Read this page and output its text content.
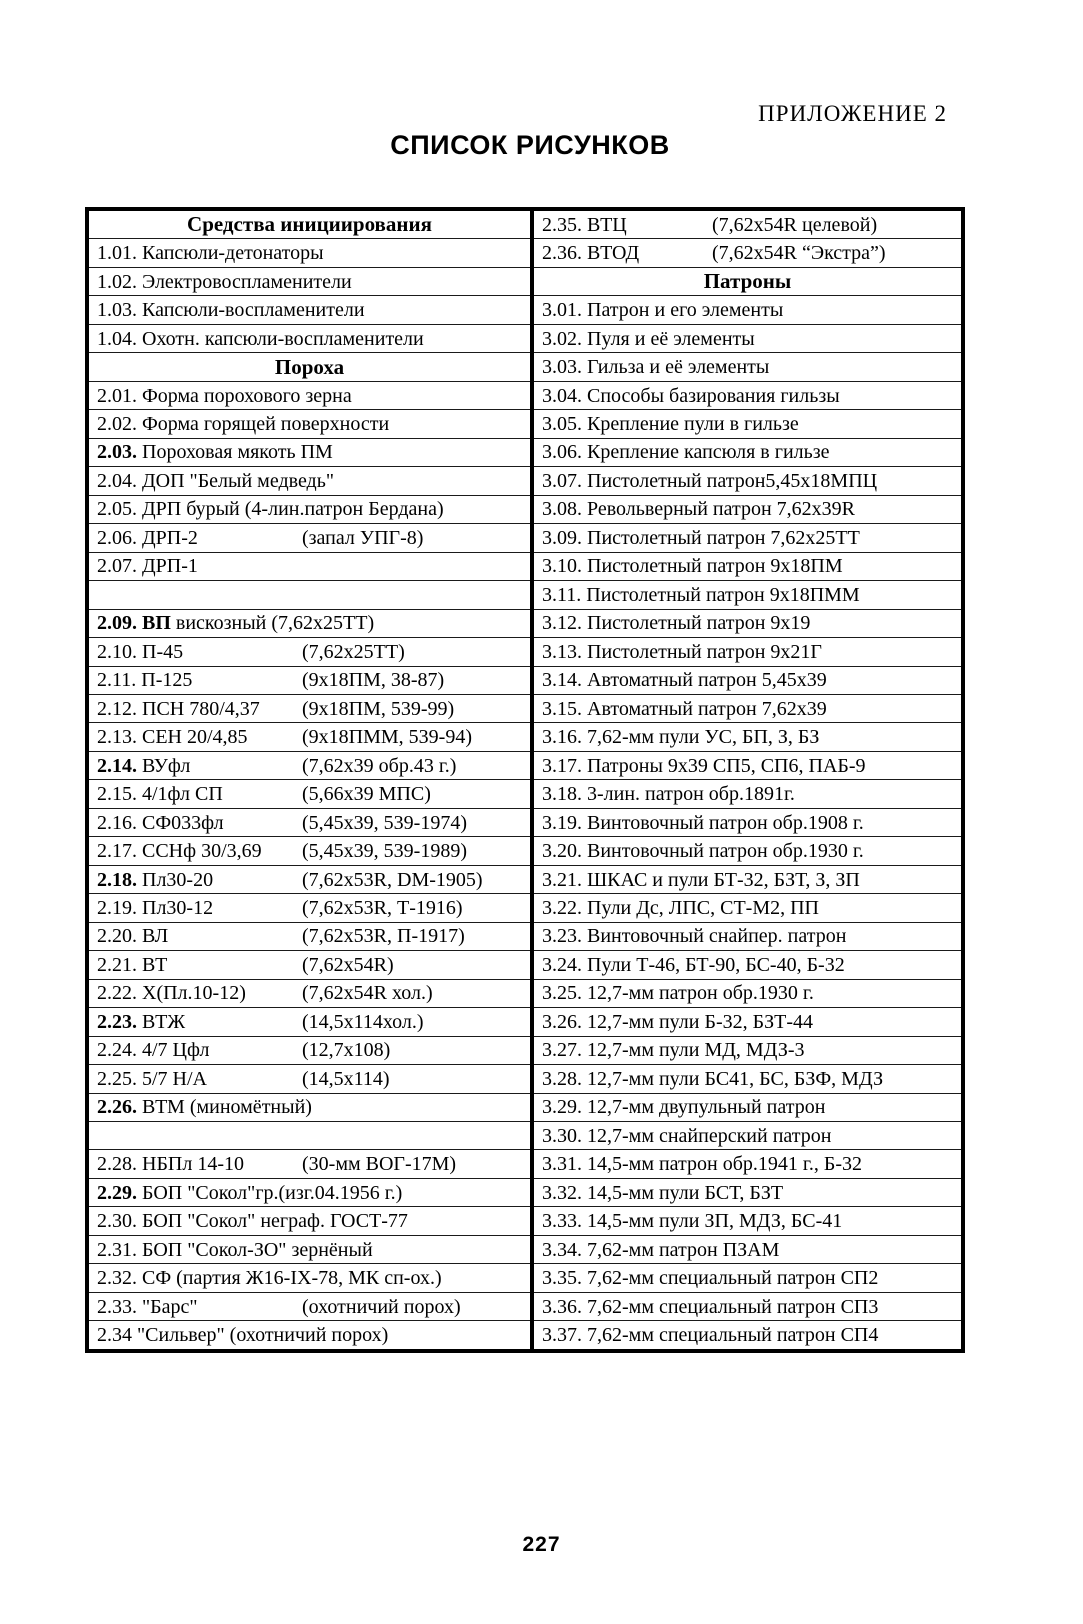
ПРИЛОЖЕНИЕ 2
СПИСОК РИСУНКОВ
Средства инициирования
1.01. Капсюли-детонаторы
1.02. Электровоспламенители
1.03. Капсюли-воспламенители
1.04. Охотн. капсюли-воспламенители
Пороха
2.01. Форма порохового зерна
2.02. Форма горящей поверхности
2.03. Пороховая мякоть ПМ
2.04. ДОП "Белый медведь"
2.05. ДРП бурый (4-лин.патрон Бердана)
2.06. ДРП-2	(запал УПГ-8)
2.07. ДРП-1
2.09. ВП вискозный (7,62х25ТТ)
2.10. П-45	(7,62х25ТТ)
2.11. П-125	(9х18ПМ, 38-87)
2.12. ПСН 780/4,37	(9х18ПМ, 539-99)
2.13. СЕН 20/4,85	(9х18ПММ, 539-94)
2.14. ВУфл	(7,62х39 обр.43 г.)
2.15. 4/1фл СП	(5,66х39 МПС)
2.16. СФ033фл	(5,45х39, 539-1974)
2.17. ССНф 30/3,69	(5,45х39, 539-1989)
2.18. Пл30-20	(7,62х53R, DM-1905)
2.19. Пл30-12	(7,62х53R, Т-1916)
2.20. ВЛ	(7,62х53R, П-1917)
2.21. ВТ	(7,62х54R)
2.22. Х(Пл.10-12)	(7,62х54R хол.)
2.23. ВТЖ	(14,5х114хол.)
2.24. 4/7 Цфл	(12,7х108)
2.25. 5/7 Н/А	(14,5х114)
2.26. ВТМ (миномётный)
2.28. НБПл 14-10	(30-мм ВОГ-17М)
2.29. БОП "Сокол"гр.(изг.04.1956 г.)
2.30. БОП "Сокол" неграф. ГОСТ-77
2.31. БОП "Сокол-ЗО" зернёный
2.32. СФ (партия Ж16-IХ-78, МК сп-ох.)
2.33. "Барс"	(охотничий порох)
2.34 "Сильвер" (охотничий порох)
2.35. ВТЦ	(7,62х54R целевой)
2.36. ВТОД	(7,62х54R “Экстра”)
Патроны
3.01. Патрон и его элементы
3.02. Пуля и её элементы
3.03. Гильза и её элементы
3.04. Способы базирования гильзы
3.05. Крепление пули в гильзе
3.06. Крепление капсюля в гильзе
3.07. Пистолетный патрон5,45х18МПЦ
3.08. Револьверный патрон 7,62х39R
3.09. Пистолетный патрон 7,62х25ТТ
3.10. Пистолетный патрон 9х18ПМ
3.11. Пистолетный патрон 9х18ПММ
3.12. Пистолетный патрон 9х19
3.13. Пистолетный патрон 9х21Г
3.14. Автоматный патрон 5,45х39
3.15. Автоматный патрон 7,62х39
3.16. 7,62-мм пули УС, БП, З, БЗ
3.17. Патроны 9х39 СП5, СП6, ПАБ-9
3.18. 3-лин. патрон обр.1891г.
3.19. Винтовочный патрон обр.1908 г.
3.20. Винтовочный патрон обр.1930 г.
3.21. ШКАС и пули БТ-32, БЗТ, З, ЗП
3.22. Пули Дс, ЛПС, СТ-М2, ПП
3.23. Винтовочный снайпер. патрон
3.24. Пули Т-46, БТ-90, БС-40, Б-32
3.25. 12,7-мм патрон обр.1930 г.
3.26. 12,7-мм пули Б-32, БЗТ-44
3.27. 12,7-мм пули МД, МДЗ-3
3.28. 12,7-мм пули БС41, БС, БЗФ, МДЗ
3.29. 12,7-мм двупульный патрон
3.30. 12,7-мм снайперский патрон
3.31. 14,5-мм патрон обр.1941 г., Б-32
3.32. 14,5-мм пули БСТ, БЗТ
3.33. 14,5-мм пули ЗП, МДЗ, БС-41
3.34. 7,62-мм патрон ПЗАМ
3.35. 7,62-мм специальный патрон СП2
3.36. 7,62-мм специальный патрон СП3
3.37. 7,62-мм специальный патрон СП4
227
